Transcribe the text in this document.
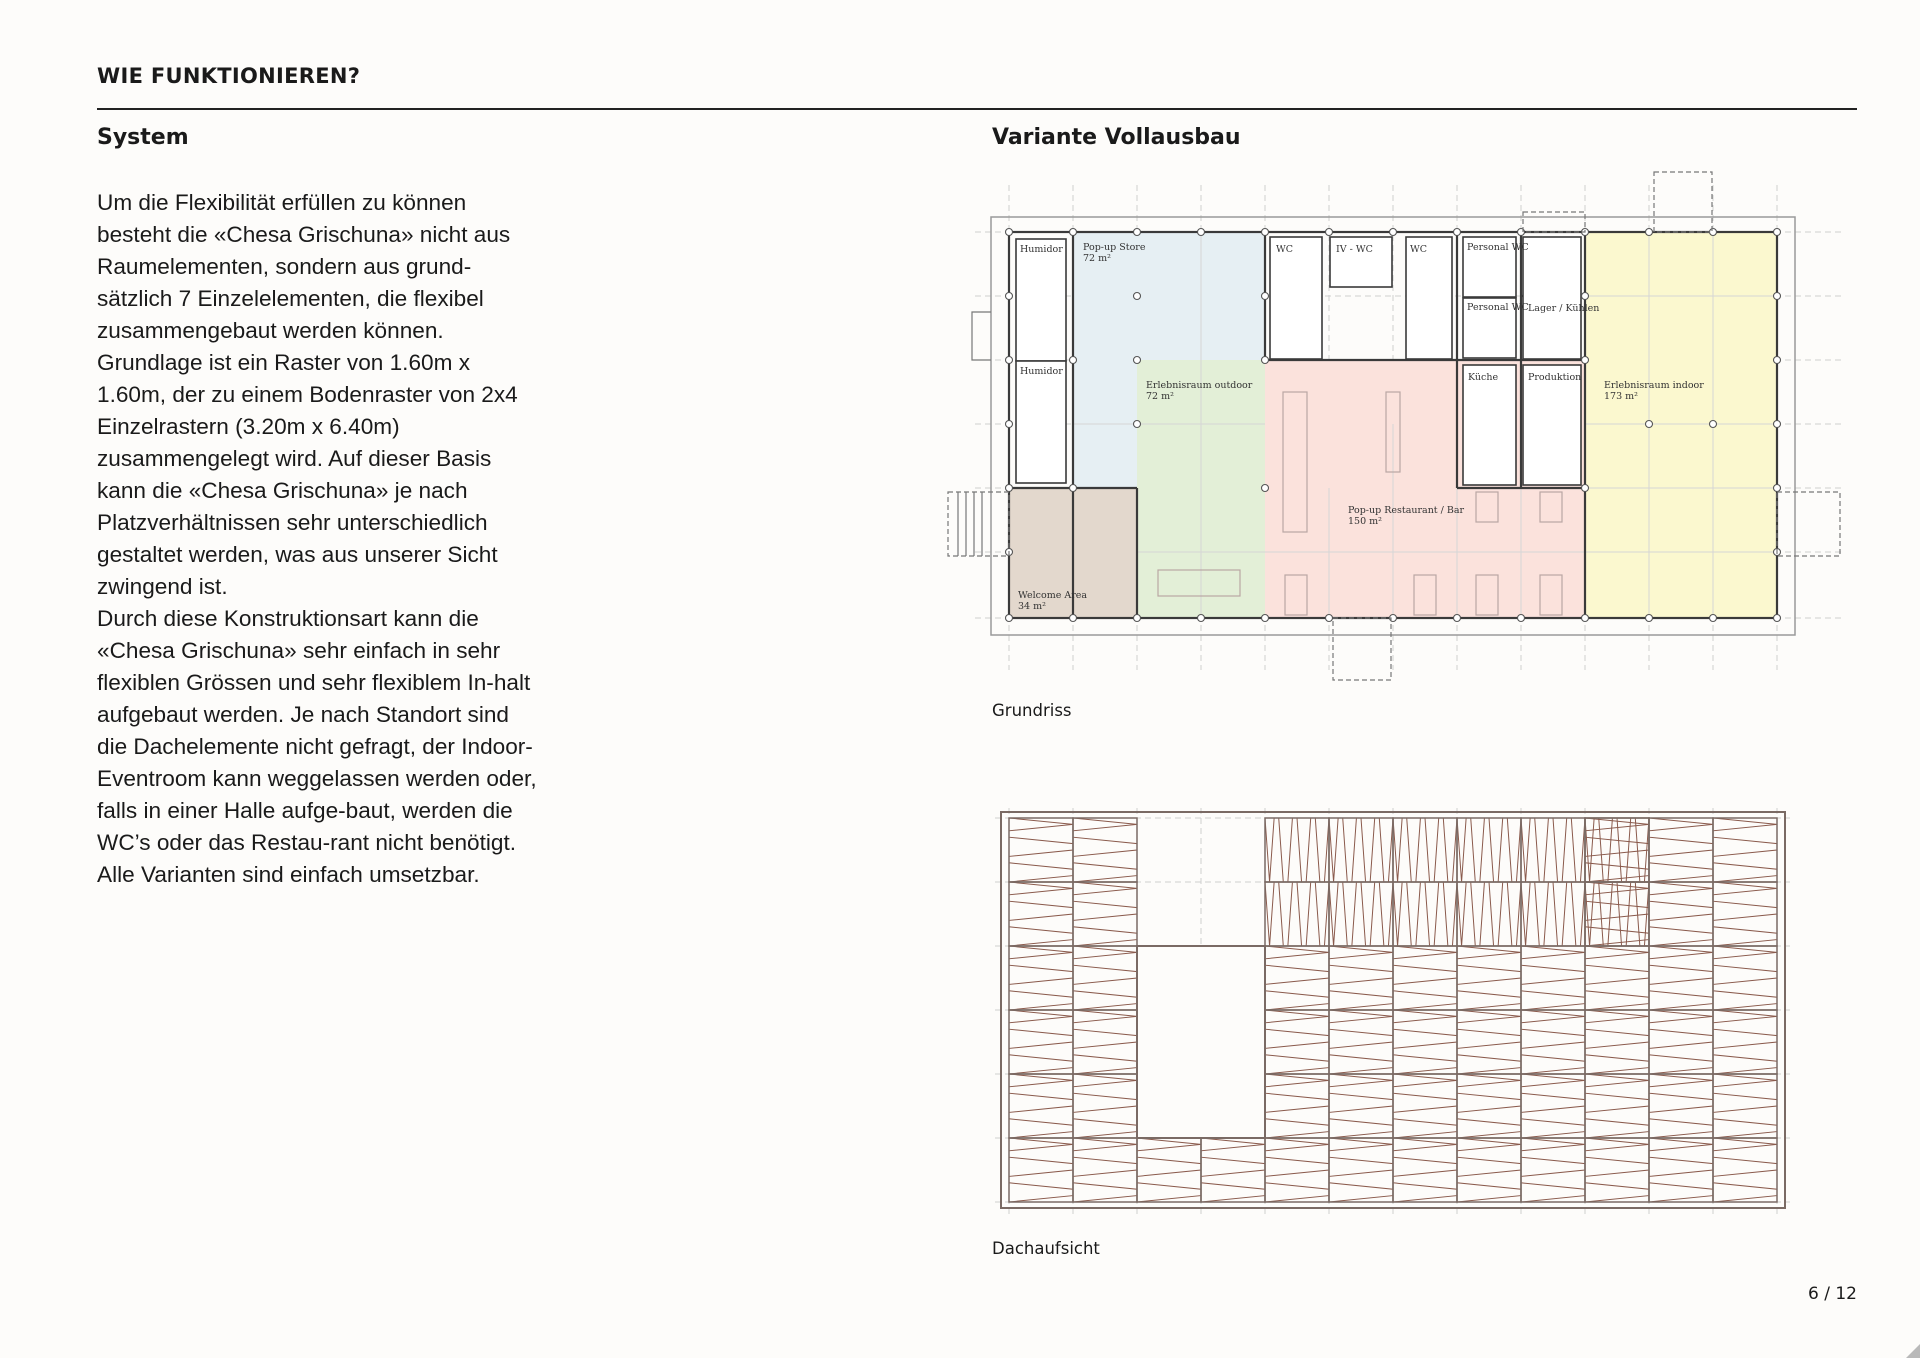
WIE FUNKTIONIEREN?
System

Um die Flexibilität erfüllen zu können besteht die «Chesa Grischuna» nicht aus Raumelementen, sondern aus grund-sätzlich 7 Einzelelementen, die flexibel zusammengebaut werden können. Grundlage ist ein Raster von 1.60m x 1.60m, der zu einem Bodenraster von 2x4 Einzelrastern (3.20m x 6.40m) zusammengelegt wird. Auf dieser Basis kann die «Chesa Grischuna» je nach Platzverhältnissen sehr unterschiedlich gestaltet werden, was aus unserer Sicht zwingend ist.

Durch diese Konstruktionsart kann die «Chesa Grischuna» sehr einfach in sehr flexiblen Grössen und sehr flexiblem In-halt aufgebaut werden. Je nach Standort sind die Dachelemente nicht gefragt, der Indoor-Eventroom kann weggelassen werden oder, falls in einer Halle aufge-baut, werden die WC’s oder das Restau-rant nicht benötigt. Alle Varianten sind einfach umsetzbar.

Variante Vollausbau
Humidor
Humidor
Pop-up Store
72 m²
WC	IV - WC	WC	Personal WC
Personal WC Lager / Kühlen
Küche	Produktion
Erlebnisraum outdoor
72 m²
Erlebnisraum indoor
173 m²
Pop-up Restaurant / Bar
150 m²
Welcome Area
34 m²
Grundriss
Dachaufsicht
6 / 12
